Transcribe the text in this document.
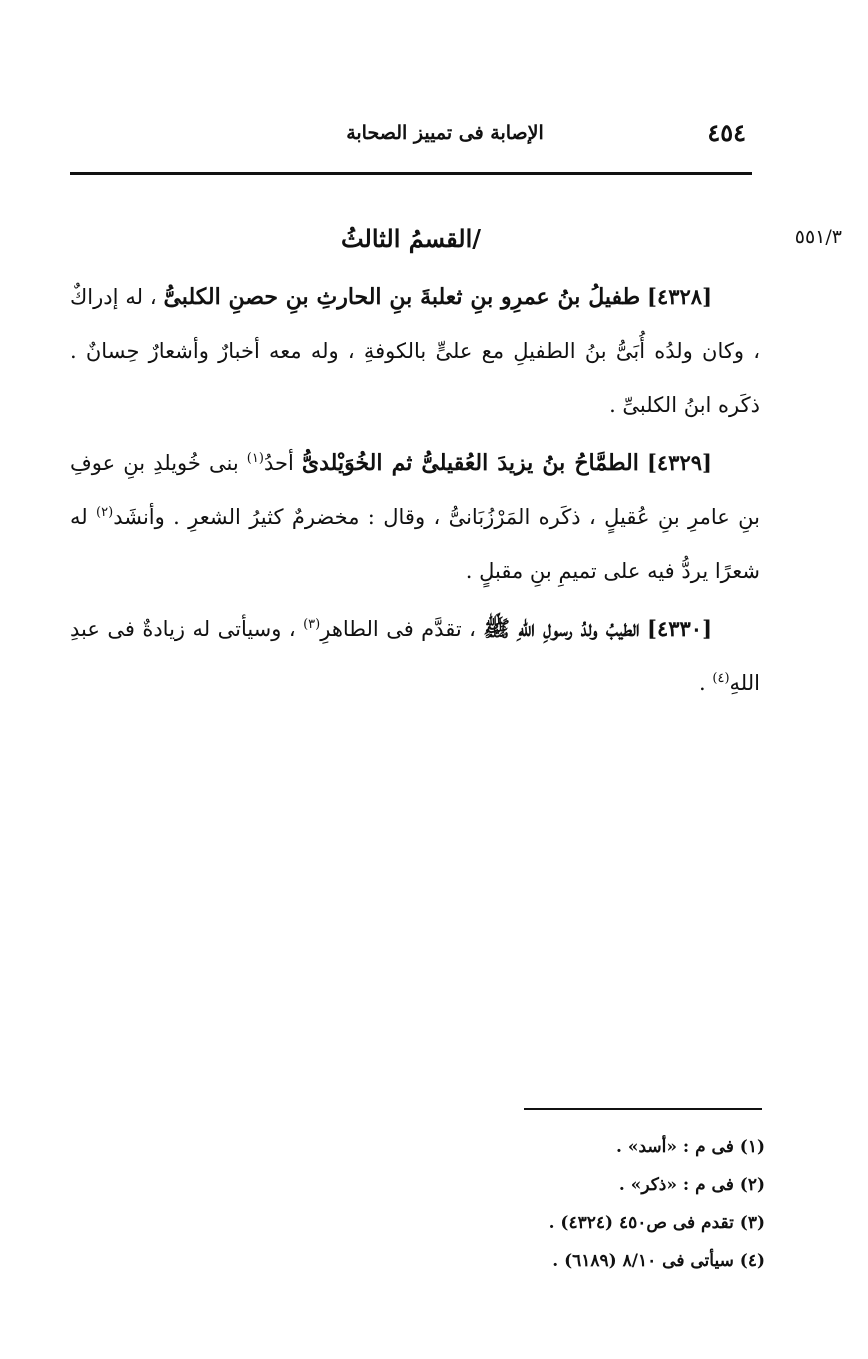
٤٥٤
الإصابة فى تمييز الصحابة
٥٥١/٣
/القسمُ الثالثُ

[٤٣٢٨] طفيلُ بنُ عمرِو بنِ ثعلبةَ بنِ الحارثِ بنِ حصنِ الكلبىُّ ، له إدراكٌ ، وكان ولدُه أُبَىُّ بنُ الطفيلِ مع علىٍّ بالكوفةِ ، وله معه أخبارٌ وأشعارٌ حِسانٌ . ذكَره ابنُ الكلبىِّ .

[٤٣٢٩] الطمَّاحُ بنُ يزيدَ العُقيلىُّ ثم الخُوَيْلدىُّ أحدُ$^{(١)}$ بنى خُويلدِ بنِ عوفِ بنِ عامرِ بنِ عُقيلٍ ، ذكَره المَرْزُبَانىُّ ، وقال : مخضرمٌ كثيرُ الشعرِ . وأنشَد$^{(٢)}$ له شعرًا يردُّ فيه على تميمِ بنِ مقبلٍ .

[٤٣٣٠] الطيبُ ولدُ رسولِ اللهِ ﷺ ، تقدَّم فى الطاهرِ$^{(٣)}$ ، وسيأتى له زيادةٌ فى عبدِ اللهِ$^{(٤)}$ .

(١) فى م : «أسد» .
(٢) فى م : «ذكر» .
(٣) تقدم فى ص٤٥٠ (٤٣٢٤) .
(٤) سيأتى فى ٨/١٠ (٦١٨٩) .
